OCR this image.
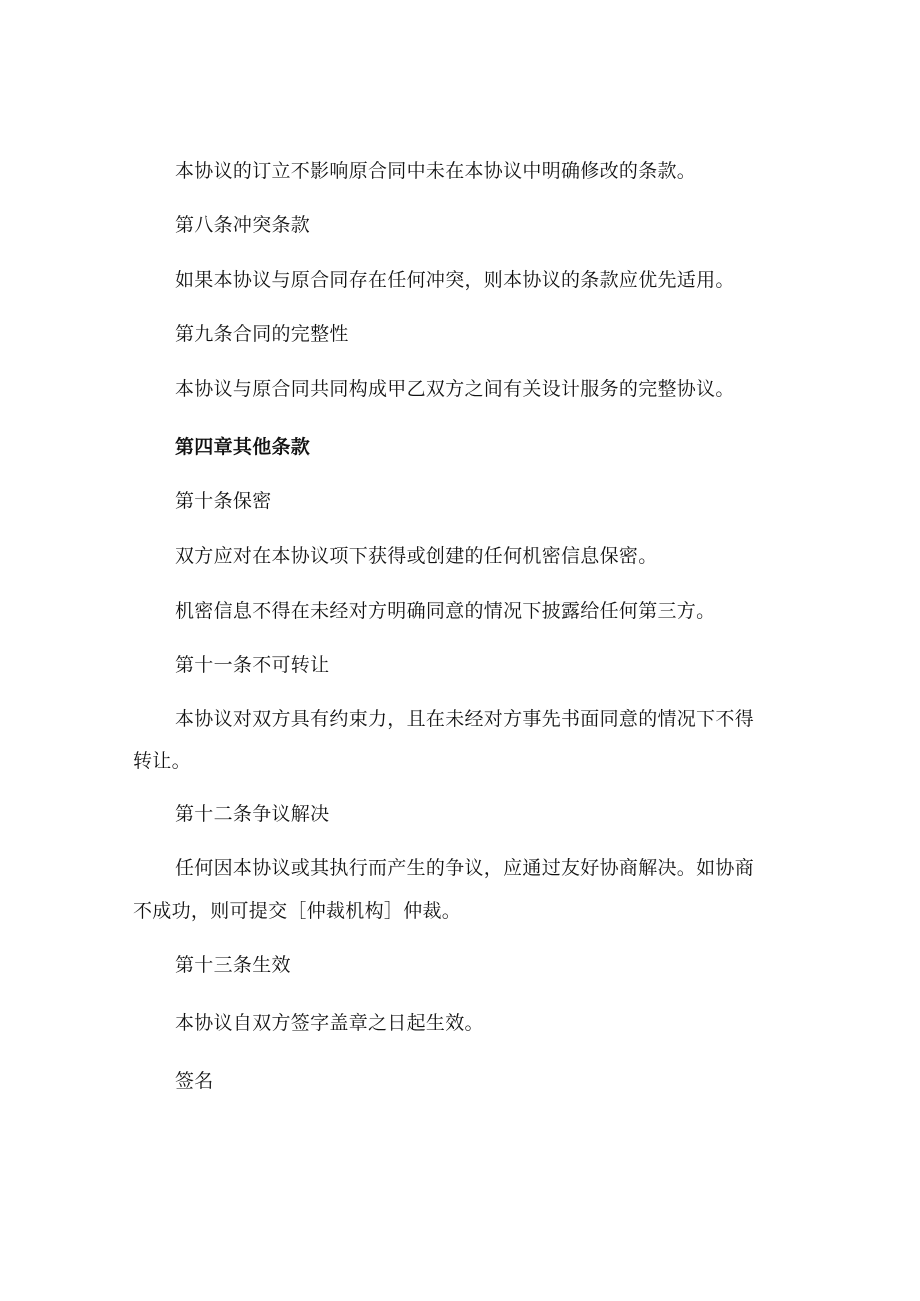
本协议的订立不影响原合同中未在本协议中明确修改的条款。
第八条冲突条款
如果本协议与原合同存在任何冲突，则本协议的条款应优先适用。
第九条合同的完整性
本协议与原合同共同构成甲乙双方之间有关设计服务的完整协议。
第四章其他条款
第十条保密
双方应对在本协议项下获得或创建的任何机密信息保密。
机密信息不得在未经对方明确同意的情况下披露给任何第三方。
第十一条不可转让
本协议对双方具有约束力，且在未经对方事先书面同意的情况下不得
转让。
第十二条争议解决
任何因本协议或其执行而产生的争议，应通过友好协商解决。如协商
不成功，则可提交［仲裁机构］仲裁。
第十三条生效
本协议自双方签字盖章之日起生效。
签名
